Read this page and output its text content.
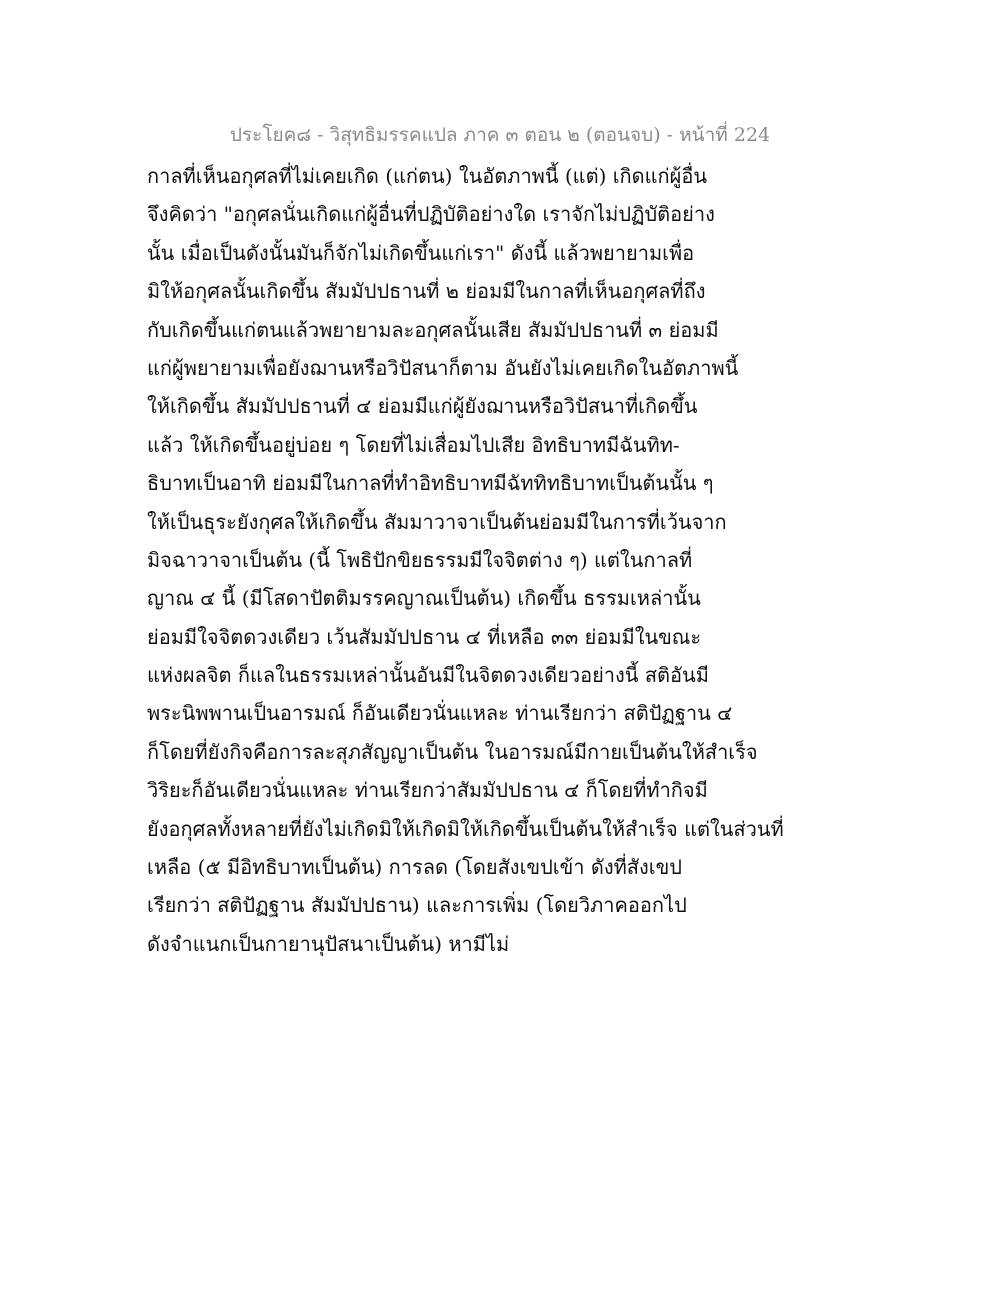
ประโยค๘ - วิสุทธิมรรคแปล ภาค ๓ ตอน ๒ (ตอนจบ) - หน้าที่ 224
กาลที่เห็นอกุศลที่ไม่เคยเกิด (แก่ตน) ในอัตภาพนี้ (แต่) เกิดแก่ผู้อื่น
จึงคิดว่า "อกุศลนั่นเกิดแก่ผู้อื่นที่ปฏิบัติอย่างใด เราจักไม่ปฏิบัติอย่าง
นั้น เมื่อเป็นดังนั้นมันก็จักไม่เกิดขึ้นแก่เรา" ดังนี้ แล้วพยายามเพื่อ
มิให้อกุศลนั้นเกิดขึ้น สัมมัปปธานที่ ๒ ย่อมมีในกาลที่เห็นอกุศลที่ถึง
กับเกิดขึ้นแก่ตนแล้วพยายามละอกุศลนั้นเสีย สัมมัปปธานที่ ๓ ย่อมมี
แก่ผู้พยายามเพื่อยังฌานหรือวิปัสนาก็ตาม อันยังไม่เคยเกิดในอัตภาพนี้
ให้เกิดขึ้น สัมมัปปธานที่ ๔ ย่อมมีแก่ผู้ยังฌานหรือวิปัสนาที่เกิดขึ้น
แล้ว ให้เกิดขึ้นอยู่บ่อย ๆ โดยที่ไม่เสื่อมไปเสีย อิทธิบาทมีฉันทิท-
ธิบาทเป็นอาทิ ย่อมมีในกาลที่ทำอิทธิบาทมีฉัททิทธิบาทเป็นต้นนั้น ๆ
ให้เป็นธุระยังกุศลให้เกิดขึ้น สัมมาวาจาเป็นต้นย่อมมีในการที่เว้นจาก
มิจฉาวาจาเป็นต้น (นี้ โพธิปักขิยธรรมมีใจจิตต่าง ๆ) แต่ในกาลที่
ญาณ ๔ นี้ (มีโสดาปัตติมรรคญาณเป็นต้น) เกิดขึ้น ธรรมเหล่านั้น
ย่อมมีใจจิตดวงเดียว เว้นสัมมัปปธาน ๔ ที่เหลือ ๓๓ ย่อมมีในขณะ
แห่งผลจิต ก็แลในธรรมเหล่านั้นอันมีในจิตดวงเดียวอย่างนี้ สติอันมี
พระนิพพานเป็นอารมณ์ ก็อันเดียวนั่นแหละ ท่านเรียกว่า สติปัฏฐาน ๔
ก็โดยที่ยังกิจคือการละสุภสัญญาเป็นต้น ในอารมณ์มีกายเป็นต้นให้สำเร็จ
วิริยะก็อันเดียวนั่นแหละ ท่านเรียกว่าสัมมัปปธาน ๔ ก็โดยที่ทำกิจมี
ยังอกุศลทั้งหลายที่ยังไม่เกิดมิให้เกิดมิให้เกิดขึ้นเป็นต้นให้สำเร็จ แต่ในส่วนที่
เหลือ (๕ มีอิทธิบาทเป็นต้น) การลด (โดยสังเขปเข้า ดังที่สังเขป
เรียกว่า สติปัฏฐาน สัมมัปปธาน) และการเพิ่ม (โดยวิภาคออกไป
ดังจำแนกเป็นกายานุปัสนาเป็นต้น) หามีไม่
